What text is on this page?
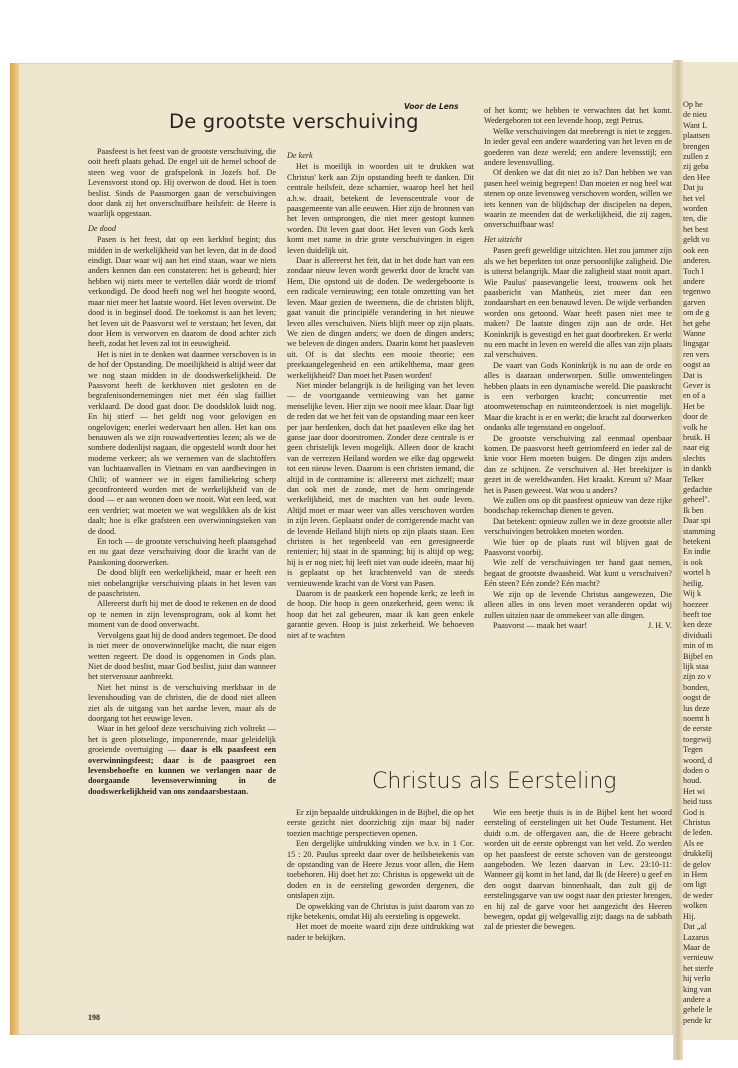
Op he
de nieu
Want L
plaatsen
brengen
zullen z
zij geba
den Hee
Dat ju
het vel
worden
ten, die
het best
geldt vo
ook een
anderen.
Toch l
andere
tegenwo
garven
om de g
het gehe
Wanne
lingsgar
ren vers
oogst aa
Dat is
Gever is
en of a
Het be
door de
volk he
bruik. H
naar eig
slechts
in dankb
Telker
gedachte
geheel".
Ik ben
Daar spi
stamming
betekeni
En indie
is ook
wortel h
heilig.
Wij k
hoezeer
heeft toe
ken deze
dividuali
min of m
Bijbel en
lijk staa
zijn zo v
bonden,
oogst de
lus deze
noemt h
de eerste
toegewij
Tegen
woord, d
doden o
houd.
Het wi
heid tuss
God is
Christus
de leden.
Als ee
drukkelij
de gelov
in Hem
om ligt
de weder
wolken
Hij.
Dat „al
Lazarus
Maar de
vernieuw
het sterfe
hij verlo
king van
andere a
gehele le
pende kr
Voor de Lens
De grootste verschuiving

Paasfeest is het feest van de grootste verschuiving, die ooit heeft plaats gehad. De engel uit de hemel schoof de steen weg voor de grafspelonk in Jozefs hof. De Levensvorst stond op. Hij overwon de dood. Het is toen beslist. Sinds de Paasmorgen gaan de verschuivingen door dank zij het onverschuifbare heilsfeit: de Heere is waarlijk opgestaan.

De dood

Pasen is het feest, dat op een kerkhof begint; dus midden in de werkelijkheid van het leven, dat in de dood eindigt. Daar waar wij aan het eind staan, waar we niets anders kennen dan een constateren: het is gebeurd; hier hebben wij niets meer te vertellen dáár wordt de triomf verkondigd. De dood heeft nog wel het hoogste woord, maar niet meer het laatste woord. Het leven overwint. De dood is in beginsel dood. De toekomst is aan het leven; het leven uit de Paasvorst wel te verstaan; het leven, dat door Hem is verworven en daarom de dood achter zich heeft, zodat het leven zal tot in eeuwigheid.

Het is niet in te denken wat daarmee verschoven is in de hof der Opstanding. De moeilijkheid is altijd weer dat we nog staan midden in de doodswerkelijkheid. De Paasvorst heeft de kerkhoven niet gesloten en de begrafenisondernemingen niet met één slag failliet verklaard. De dood gaat door. De doodsklok luidt nog. En hij stierf — het geldt nog voor gelovigen en ongelovigen; enerlei wedervaart hen allen. Het kan ons benauwen als we zijn rouwadvertenties lezen; als we de sombere dodenlijst nagaan, die opgesteld wordt door het moderne verkeer; als we vernemen van de slachtoffers van luchtaanvallen in Vietnam en van aardbevingen in Chili; of wanneer we in eigen familiekring scherp geconfronteerd worden met de werkelijkheid van de dood — er aan wennen doen we nooit. Wat een leed, wat een verdriet; wat moeten we wat wegslikken als de kist daalt; hoe is elke grafsteen een overwinningsteken van de dood.

En toch — de grootste verschuiving heeft plaatsgehad en nu gaat deze verschuiving door die kracht van de Paaskoning doorwerken.

De dood blijft een werkelijkheid, maar er heeft een niet onbelangrijke verschuiving plaats in het leven van de paaschristen.

Allereerst durft hij met de dood te rekenen en de dood op te nemen in zijn levensprogram, ook al komt het moment van de dood onverwacht.

Vervolgens gaat hij de dood anders tegemoet. De dood is niet meer de onoverwinnelijke macht, die naar eigen wetten regeert. De dood is opgenomen in Gods plan. Niet de dood beslist, maar God beslist, juist dan wanneer het stervensuur aanbreekt.

Niet het minst is de verschuiving merkbaar in de levenshouding van de christen, die de dood niet alleen ziet als de uitgang van het aardse leven, maar als de doorgang tot het eeuwige leven.

Waar in het geloof deze verschuiving zich voltrekt — het is geen plotselinge, imponerende, maar geleidelijk groeiende overtuiging — daar is elk paasfeest een overwinningsfeest; daar is de paasgroet een levensbehoefte en kunnen we verlangen naar de doorgaande levensoverwinning in de doodswerkelijkheid van ons zondaarsbestaan.

De kerk

Het is moeilijk in woorden uit te drukken wat Christus' kerk aan Zijn opstanding heeft te danken. Dit centrale heilsfeit, deze scharnier, waarop heel het heil a.h.w. draait, betekent de levenscentrale voor de paasgemeente van alle eeuwen. Hier zijn de bronnen van het leven ontsprongen, die niet meer gestopt kunnen worden. Dit leven gaat door. Het leven van Gods kerk komt met name in drie grote verschuivingen in eigen leven duidelijk uit.

Daar is allereerst het feit, dat in het dode hart van een zondaar nieuw leven wordt gewerkt door de kracht van Hem, Die opstond uit de doden. De wedergeboorte is een radicale vernieuwing; een totale omzetting van het leven. Maar gezien de tweemens, die de christen blijft, gaat vanuit die principiële verandering in het nieuwe leven alles verschuiven. Niets blijft meer op zijn plaats. We zien de dingen anders; we doen de dingen anders; we beleven de dingen anders. Daarin komt het paasleven uit. Of is dat slechts een mooie theorie; een preekaangelegenheid en een artikelthema, maar geen werkelijkheid? Dan moet het Pasen worden!

Niet minder belangrijk is de heiliging van het leven — de voortgaande vernieuwing van het ganse menselijke leven. Hier zijn we nooit mee klaar. Daar ligt de reden dat we het feit van de opstanding maar een keer per jaar herdenken, doch dat het paasleven elke dag het ganse jaar door doorstromen. Zonder deze centrale is er geen christelijk leven mogelijk. Alleen door de kracht van de verrezen Heiland worden we elke dag opgewekt tot een nieuw leven. Daarom is een christen iemand, die altijd in de contramine is: allereerst met zichzelf; maar dan ook met de zonde, met de hem omringende werkelijkheid, met de machten van het oude leven. Altijd moet er maar weer van alles verschoven worden in zijn leven. Geplaatst onder de corrigerende macht van de levende Heiland blijft niets op zijn plaats staan. Een christen is het tegenbeeld van een geresigneerde rentenier; hij staat in de spanning; hij is altijd op weg; hij is er nog niet; hij leeft niet van oude ideeën, maar hij is geplaatst op het krachtenveld van de steeds vernieuwende kracht van de Vorst van Pasen.

Daarom is de paaskerk een hopende kerk; ze leeft in de hoop. Die hoop is geen onzekerheid, geen wens: ik hoop dat het zal gebeuren, maar ik kan geen enkele garantie geven. Hoop is juist zekerheid. We behoeven niet af te wachten

of het komt; we hebben te verwachten dat het komt. Wedergeboren tot een levende hoop, zegt Petrus.

Welke verschuivingen dat meebrengt is niet te zeggen. In ieder geval een andere waardering van het leven en de goederen van deze wereld; een andere levensstijl; een andere levensvulling.

Of denken we dat dit niet zo is? Dan hebben we van pasen heel weinig begrepen! Dan moeten er nog heel wat stenen op onze levensweg verschoven worden, willen we iets kennen van de blijdschap der discipelen na depen, waarin ze meenden dat de werkelijkheid, die zij zagen, onverschuifbaar was!

Het uitzicht

Pasen geeft geweldige uitzichten. Het zou jammer zijn als we het beperkten tot onze persoonlijke zaligheid. Die is uiterst belangrijk. Maar die zaligheid staat nooit apart. Wie Paulus' paasevangelie leest, trouwens ook het paasbericht van Mattheüs, ziet meer dan een zondaarshart en een benauwd leven. De wijde verbanden worden ons getoond. Waar heeft pasen niet mee te maken? De laatste dingen zijn aan de orde. Het Koninkrijk is gevestigd en het gaat doorbreken. Er werkt nu een macht in leven en wereld die alles van zijn plaats zal verschuiven.

De vaart van Gods Koninkrijk is nu aan de orde en alles is daaraan onderworpen. Stille omwentelingen hebben plaats in een dynamische wereld. Die paaskracht is een verborgen kracht; concurrentie met atoomwetenschap en ruimteonderzoek is niet mogelijk. Maar die kracht is er en werkt; die kracht zal doorwerken ondanks alle tegenstand en ongeloof.

De grootste verschuiving zal eenmaal openbaar komen. De paasvorst heeft getriomfeerd en ieder zal de knie voor Hem moeten buigen. De dingen zijn anders dan ze schijnen. Ze verschuiven al. Het breekijzer is gezet in de wereldwanden. Het kraakt. Kreunt u? Maar het is Pasen geweest. Wat wou u anders?

We zullen ons op dit paasfeest opnieuw van deze rijke boodschap rekenschap dienen te geven.

Dat betekent: opnieuw zullen we in deze grootste aller verschuivingen betrokken moeten worden.

Wie hier op de plaats rust wil blijven gaat de Paasvorst voorbij.

Wie zelf de verschuivingen ter hand gaat nemen, begaat de grootste dwaasheid. Wat kunt u verschuiven? Eén steen? Eén zonde? Eén macht?

We zijn op de levende Christus aangewezen, Die alleen alles in ons leven moet veranderen opdat wij zullen uitzien naar de ommekeer van alle dingen.

Paasvorst — maak het waar!	J. H. V.

Christus als Eersteling

Er zijn bepaalde uitdrukkingen in de Bijbel, die op het eerste gezicht niet doorzichtig zijn maar bij nader toezien machtige perspectieven openen.

Een dergelijke uitdrukking vinden we b.v. in 1 Cor. 15 : 20. Paulus spreekt daar over de heilsbetekenis van de opstanding van de Heere Jezus voor allen, die Hem toebehoren. Hij doet het zo: Christus is opgewekt uit de doden en is de eersteling geworden dergenen, die ontslapen zijn.

De opwekking van de Christus is juist daarom van zo rijke betekenis, omdat Hij als eersteling is opgewekt.

Het moet de moeite waard zijn deze uitdrukking wat nader te bekijken.

Wie een beetje thuis is in de Bijbel kent het woord eersteling of eerstelingen uit het Oude Testament. Het duidt o.m. de offergaven aan, die de Heere gebracht worden uit de eerste opbrengst van het veld. Zo werden op het paasfeest de eerste schoven van de gersteoogst aangeboden. We lezen daarvan in Lev. 23:10-11: Wanneer gij komt in het land, dat Ik (de Heere) u geef en den oogst daarvan binnenhaalt, dan zult gij de eerstelingsgarve van uw oogst naar den priester brengen, en hij zal de garve voor het aangezicht des Heeren bewegen, opdat gij welgevallig zijt; daags na de sabbath zal de priester die bewegen.

198
